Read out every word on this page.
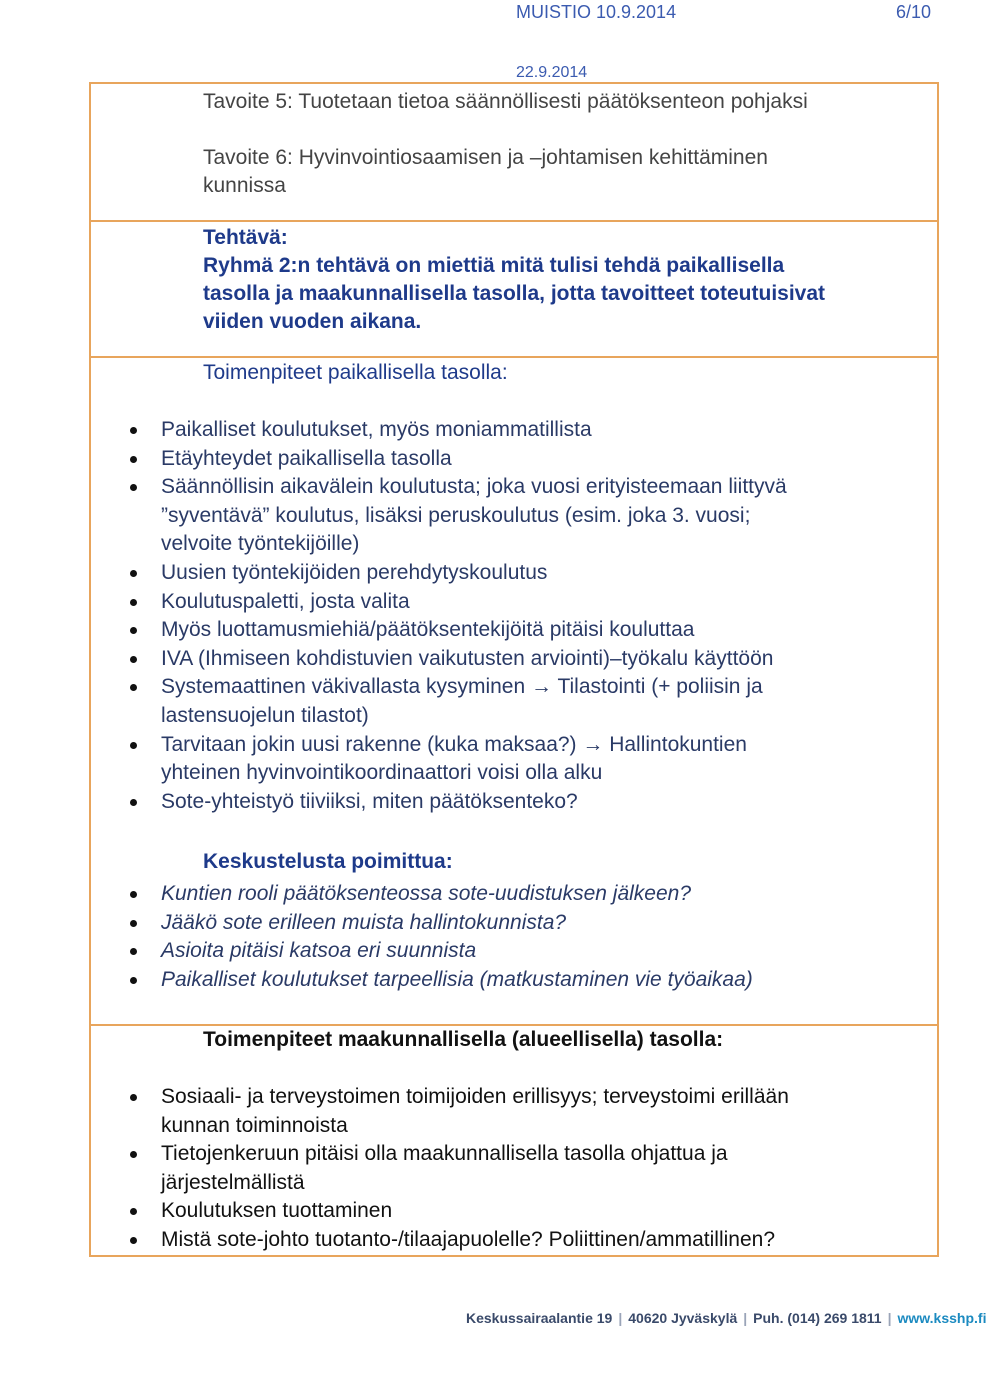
MUISTIO 10.9.2014	6/10
22.9.2014
Tavoite 5: Tuotetaan tietoa säännöllisesti päätöksenteon pohjaksi
Tavoite 6: Hyvinvointiosaamisen ja –johtamisen kehittäminen
kunnissa
Tehtävä:
Ryhmä 2:n tehtävä on miettiä mitä tulisi tehdä paikallisella
tasolla ja maakunnallisella tasolla, jotta tavoitteet toteutuisivat
viiden vuoden aikana.
Toimenpiteet paikallisella tasolla:
Paikalliset koulutukset, myös moniammatillista
Etäyhteydet paikallisella tasolla
Säännöllisin aikavälein koulutusta; joka vuosi erityisteemaan liittyvä
”syventävä” koulutus, lisäksi peruskoulutus (esim. joka 3. vuosi;
velvoite työntekijöille)
Uusien työntekijöiden perehdytyskoulutus
Koulutuspaletti, josta valita
Myös luottamusmiehiä/päätöksentekijöitä pitäisi kouluttaa
IVA (Ihmiseen kohdistuvien vaikutusten arviointi)–työkalu käyttöön
Systemaattinen väkivallasta kysyminen → Tilastointi (+ poliisin ja
lastensuojelun tilastot)
Tarvitaan jokin uusi rakenne (kuka maksaa?) → Hallintokuntien
yhteinen hyvinvointikoordinaattori voisi olla alku
Sote-yhteistyö tiiviiksi, miten päätöksenteko?
Keskustelusta poimittua:
Kuntien rooli päätöksenteossa sote-uudistuksen jälkeen?
Jääkö sote erilleen muista hallintokunnista?
Asioita pitäisi katsoa eri suunnista
Paikalliset koulutukset tarpeellisia (matkustaminen vie työaikaa)
Toimenpiteet maakunnallisella (alueellisella) tasolla:
Sosiaali- ja terveystoimen toimijoiden erillisyys; terveystoimi erillään
kunnan toiminnoista
Tietojenkeruun pitäisi olla maakunnallisella tasolla ohjattua ja
järjestelmällistä
Koulutuksen tuottaminen
Mistä sote-johto tuotanto-/tilaajapuolelle? Poliittinen/ammatillinen?
Keskussairaalantie 19 | 40620 Jyväskylä | Puh. (014) 269 1811 | www.ksshp.fi
